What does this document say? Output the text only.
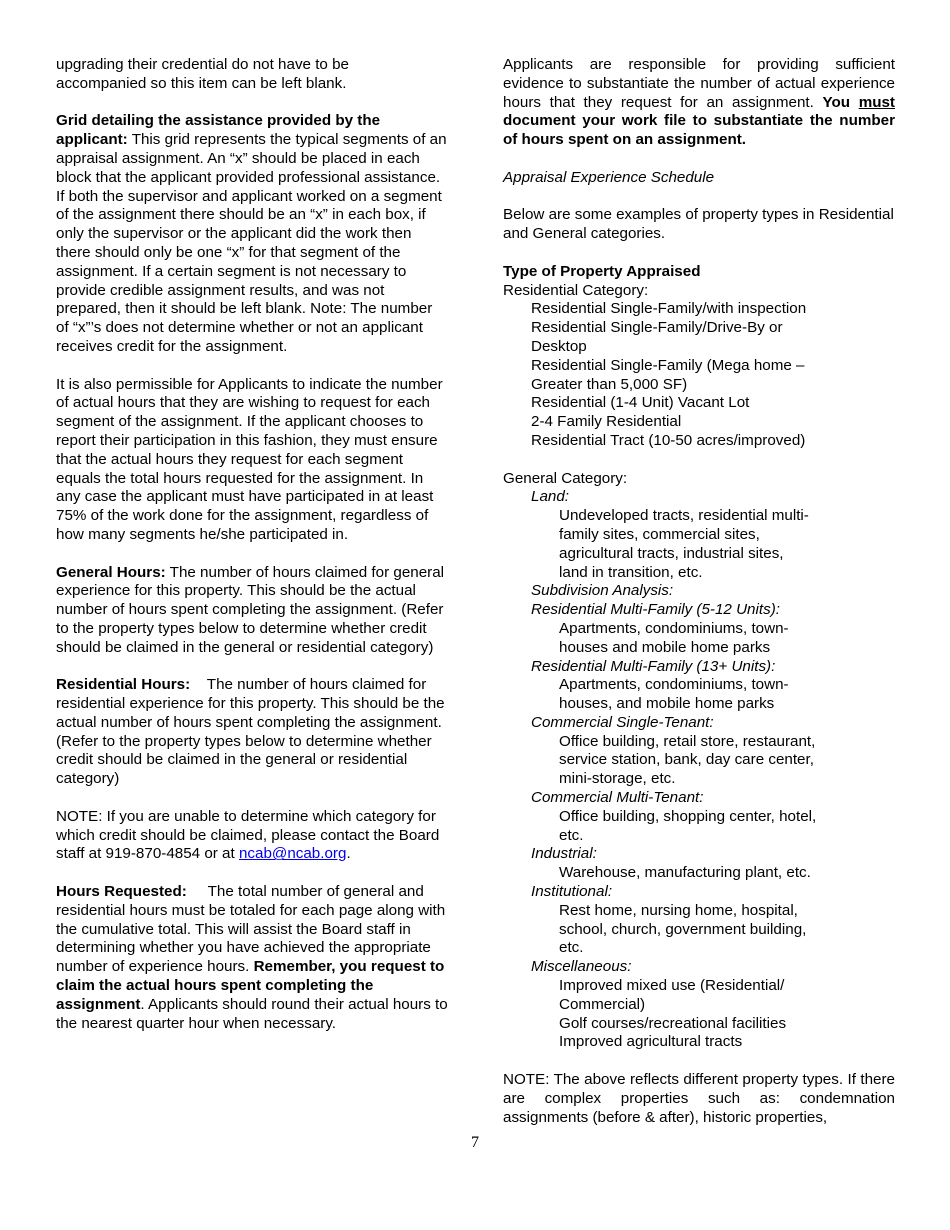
upgrading their credential do not have to be accompanied so this item can be left blank.

Grid detailing the assistance provided by the applicant: This grid represents the typical segments of an appraisal assignment. An “x” should be placed in each block that the applicant provided professional assistance. If both the supervisor and applicant worked on a segment of the assignment there should be an “x” in each box, if only the supervisor or the applicant did the work then there should only be one “x” for that segment of the assignment. If a certain segment is not necessary to provide credible assignment results, and was not prepared, then it should be left blank. Note: The number of “x”’s does not determine whether or not an applicant receives credit for the assignment.

It is also permissible for Applicants to indicate the number of actual hours that they are wishing to request for each segment of the assignment. If the applicant chooses to report their participation in this fashion, they must ensure that the actual hours they request for each segment equals the total hours requested for the assignment. In any case the applicant must have participated in at least 75% of the work done for the assignment, regardless of how many segments he/she participated in.

General Hours: The number of hours claimed for general experience for this property. This should be the actual number of hours spent completing the assignment. (Refer to the property types below to determine whether credit should be claimed in the general or residential category)

Residential Hours: The number of hours claimed for residential experience for this property. This should be the actual number of hours spent completing the assignment. (Refer to the property types below to determine whether credit should be claimed in the general or residential category)

NOTE: If you are unable to determine which category for which credit should be claimed, please contact the Board staff at 919-870-4854 or at ncab@ncab.org.

Hours Requested: The total number of general and residential hours must be totaled for each page along with the cumulative total. This will assist the Board staff in determining whether you have achieved the appropriate number of experience hours. Remember, you request to claim the actual hours spent completing the assignment. Applicants should round their actual hours to the nearest quarter hour when necessary.

Applicants are responsible for providing sufficient evidence to substantiate the number of actual experience hours that they request for an assignment. You must document your work file to substantiate the number of hours spent on an assignment.

Appraisal Experience Schedule

Below are some examples of property types in Residential and General categories.

Type of Property Appraised

Residential Category:

Residential Single-Family/with inspection

Residential Single-Family/Drive-By or Desktop

Residential Single-Family (Mega home – Greater than 5,000 SF)

Residential (1-4 Unit) Vacant Lot

2-4 Family Residential

Residential Tract (10-50 acres/improved)

General Category:

Land:

Undeveloped tracts, residential multi-family sites, commercial sites, agricultural tracts, industrial sites, land in transition, etc.

Subdivision Analysis:

Residential Multi-Family (5-12 Units):

Apartments, condominiums, town-houses and mobile home parks

Residential Multi-Family (13+ Units):

Apartments, condominiums, town-houses, and mobile home parks

Commercial Single-Tenant:

Office building, retail store, restaurant, service station, bank, day care center, mini-storage, etc.

Commercial Multi-Tenant:

Office building, shopping center, hotel, etc.

Industrial:

Warehouse, manufacturing plant, etc.

Institutional:

Rest home, nursing home, hospital, school, church, government building, etc.

Miscellaneous:

Improved mixed use (Residential/ Commercial)

Golf courses/recreational facilities

Improved agricultural tracts

NOTE: The above reflects different property types. If there are complex properties such as: condemnation assignments (before & after), historic properties,

7
